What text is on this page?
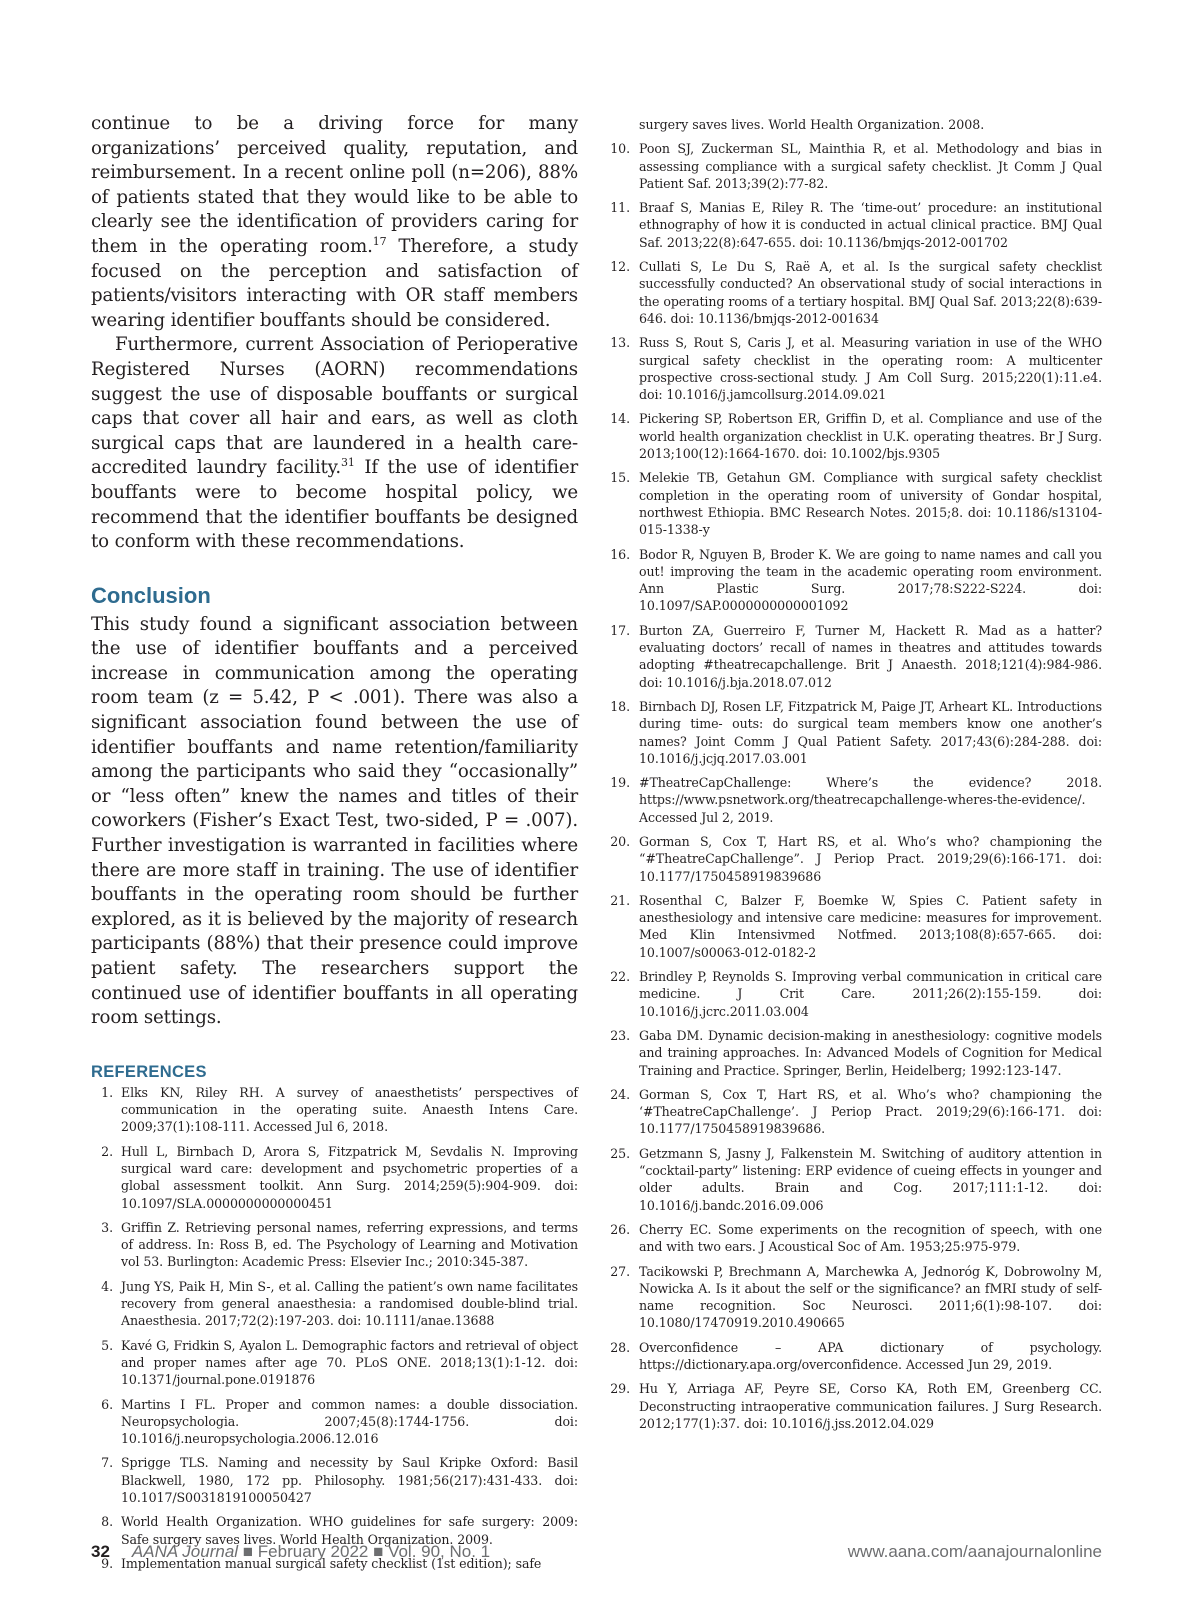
continue to be a driving force for many organizations’ perceived quality, reputation, and reimbursement. In a recent online poll (n=206), 88% of patients stated that they would like to be able to clearly see the identification of providers caring for them in the operating room.$^{17}$ Therefore, a study focused on the perception and satisfaction of patients/visitors interacting with OR staff members wearing identifier bouffants should be considered.

Furthermore, current Association of Perioperative Registered Nurses (AORN) recommendations suggest the use of disposable bouffants or surgical caps that cover all hair and ears, as well as cloth surgical caps that are laundered in a health care-accredited laundry facility.$^{31}$ If the use of identifier bouffants were to become hospital policy, we recommend that the identifier bouffants be designed to conform with these recommendations.

Conclusion

This study found a significant association between the use of identifier bouffants and a perceived increase in communication among the operating room team (z = 5.42, P < .001). There was also a significant association found between the use of identifier bouffants and name retention/familiarity among the participants who said they “occasionally” or “less often” knew the names and titles of their coworkers (Fisher’s Exact Test, two-sided, P = .007). Further investigation is warranted in facilities where there are more staff in training. The use of identifier bouffants in the operating room should be further explored, as it is believed by the majority of research participants (88%) that their presence could improve patient safety. The researchers support the continued use of identifier bouffants in all operating room settings.

REFERENCES
1. Elks KN, Riley RH. A survey of anaesthetists’ perspectives of communication in the operating suite. Anaesth Intens Care. 2009;37(1):108-111. Accessed Jul 6, 2018.
2. Hull L, Birnbach D, Arora S, Fitzpatrick M, Sevdalis N. Improving surgical ward care: development and psychometric properties of a global assessment toolkit. Ann Surg. 2014;259(5):904-909. doi: 10.1097/SLA.0000000000000451
3. Griffin Z. Retrieving personal names, referring expressions, and terms of address. In: Ross B, ed. The Psychology of Learning and Motivation vol 53. Burlington: Academic Press: Elsevier Inc.; 2010:345-387.
4. Jung YS, Paik H, Min S-, et al. Calling the patient’s own name facilitates recovery from general anaesthesia: a randomised double-blind trial. Anaesthesia. 2017;72(2):197-203. doi: 10.1111/anae.13688
5. Kavé G, Fridkin S, Ayalon L. Demographic factors and retrieval of object and proper names after age 70. PLoS ONE. 2018;13(1):1-12. doi: 10.1371/journal.pone.0191876
6. Martins I FL. Proper and common names: a double dissociation. Neuropsychologia. 2007;45(8):1744-1756. doi: 10.1016/j.neuropsychologia.2006.12.016
7. Sprigge TLS. Naming and necessity by Saul Kripke Oxford: Basil Blackwell, 1980, 172 pp. Philosophy. 1981;56(217):431-433. doi: 10.1017/S0031819100050427
8. World Health Organization. WHO guidelines for safe surgery: 2009: Safe surgery saves lives. World Health Organization. 2009.
9. Implementation manual surgical safety checklist (1st edition); safe
surgery saves lives. World Health Organization. 2008.
10. Poon SJ, Zuckerman SL, Mainthia R, et al. Methodology and bias in assessing compliance with a surgical safety checklist. Jt Comm J Qual Patient Saf. 2013;39(2):77-82.
11. Braaf S, Manias E, Riley R. The ‘time-out’ procedure: an institutional ethnography of how it is conducted in actual clinical practice. BMJ Qual Saf. 2013;22(8):647-655. doi: 10.1136/bmjqs-2012-001702
12. Cullati S, Le Du S, Raë A, et al. Is the surgical safety checklist successfully conducted? An observational study of social interactions in the operating rooms of a tertiary hospital. BMJ Qual Saf. 2013;22(8):639-646. doi: 10.1136/bmjqs-2012-001634
13. Russ S, Rout S, Caris J, et al. Measuring variation in use of the WHO surgical safety checklist in the operating room: A multicenter prospective cross-sectional study. J Am Coll Surg. 2015;220(1):11.e4. doi: 10.1016/j.jamcollsurg.2014.09.021
14. Pickering SP, Robertson ER, Griffin D, et al. Compliance and use of the world health organization checklist in U.K. operating theatres. Br J Surg. 2013;100(12):1664-1670. doi: 10.1002/bjs.9305
15. Melekie TB, Getahun GM. Compliance with surgical safety checklist completion in the operating room of university of Gondar hospital, northwest Ethiopia. BMC Research Notes. 2015;8. doi: 10.1186/s13104-015-1338-y
16. Bodor R, Nguyen B, Broder K. We are going to name names and call you out! improving the team in the academic operating room environment. Ann Plastic Surg. 2017;78:S222-S224. doi: 10.1097/SAP.0000000000001092
17. Burton ZA, Guerreiro F, Turner M, Hackett R. Mad as a hatter? evaluating doctors’ recall of names in theatres and attitudes towards adopting #theatrecapchallenge. Brit J Anaesth. 2018;121(4):984-986. doi: 10.1016/j.bja.2018.07.012
18. Birnbach DJ, Rosen LF, Fitzpatrick M, Paige JT, Arheart KL. Introductions during time- outs: do surgical team members know one another’s names? Joint Comm J Qual Patient Safety. 2017;43(6):284-288. doi: 10.1016/j.jcjq.2017.03.001
19. #TheatreCapChallenge: Where’s the evidence? 2018. https://www.psnetwork.org/theatrecapchallenge-wheres-the-evidence/. Accessed Jul 2, 2019.
20. Gorman S, Cox T, Hart RS, et al. Who’s who? championing the “#TheatreCapChallenge”. J Periop Pract. 2019;29(6):166-171. doi: 10.1177/1750458919839686
21. Rosenthal C, Balzer F, Boemke W, Spies C. Patient safety in anesthesiology and intensive care medicine: measures for improvement. Med Klin Intensivmed Notfmed. 2013;108(8):657-665. doi: 10.1007/s00063-012-0182-2
22. Brindley P, Reynolds S. Improving verbal communication in critical care medicine. J Crit Care. 2011;26(2):155-159. doi: 10.1016/j.jcrc.2011.03.004
23. Gaba DM. Dynamic decision-making in anesthesiology: cognitive models and training approaches. In: Advanced Models of Cognition for Medical Training and Practice. Springer, Berlin, Heidelberg; 1992:123-147.
24. Gorman S, Cox T, Hart RS, et al. Who’s who? championing the ‘#TheatreCapChallenge’. J Periop Pract. 2019;29(6):166-171. doi: 10.1177/1750458919839686.
25. Getzmann S, Jasny J, Falkenstein M. Switching of auditory attention in “cocktail-party” listening: ERP evidence of cueing effects in younger and older adults. Brain and Cog. 2017;111:1-12. doi: 10.1016/j.bandc.2016.09.006
26. Cherry EC. Some experiments on the recognition of speech, with one and with two ears. J Acoustical Soc of Am. 1953;25:975-979.
27. Tacikowski P, Brechmann A, Marchewka A, Jednoróg K, Dobrowolny M, Nowicka A. Is it about the self or the significance? an fMRI study of self-name recognition. Soc Neurosci. 2011;6(1):98-107. doi: 10.1080/17470919.2010.490665
28. Overconfidence – APA dictionary of psychology. https://dictionary.apa.org/overconfidence. Accessed Jun 29, 2019.
29. Hu Y, Arriaga AF, Peyre SE, Corso KA, Roth EM, Greenberg CC. Deconstructing intraoperative communication failures. J Surg Research. 2012;177(1):37. doi: 10.1016/j.jss.2012.04.029
32 AANA Journal ■ February 2022 ■ Vol. 90, No. 1	www.aana.com/aanajournalonline
